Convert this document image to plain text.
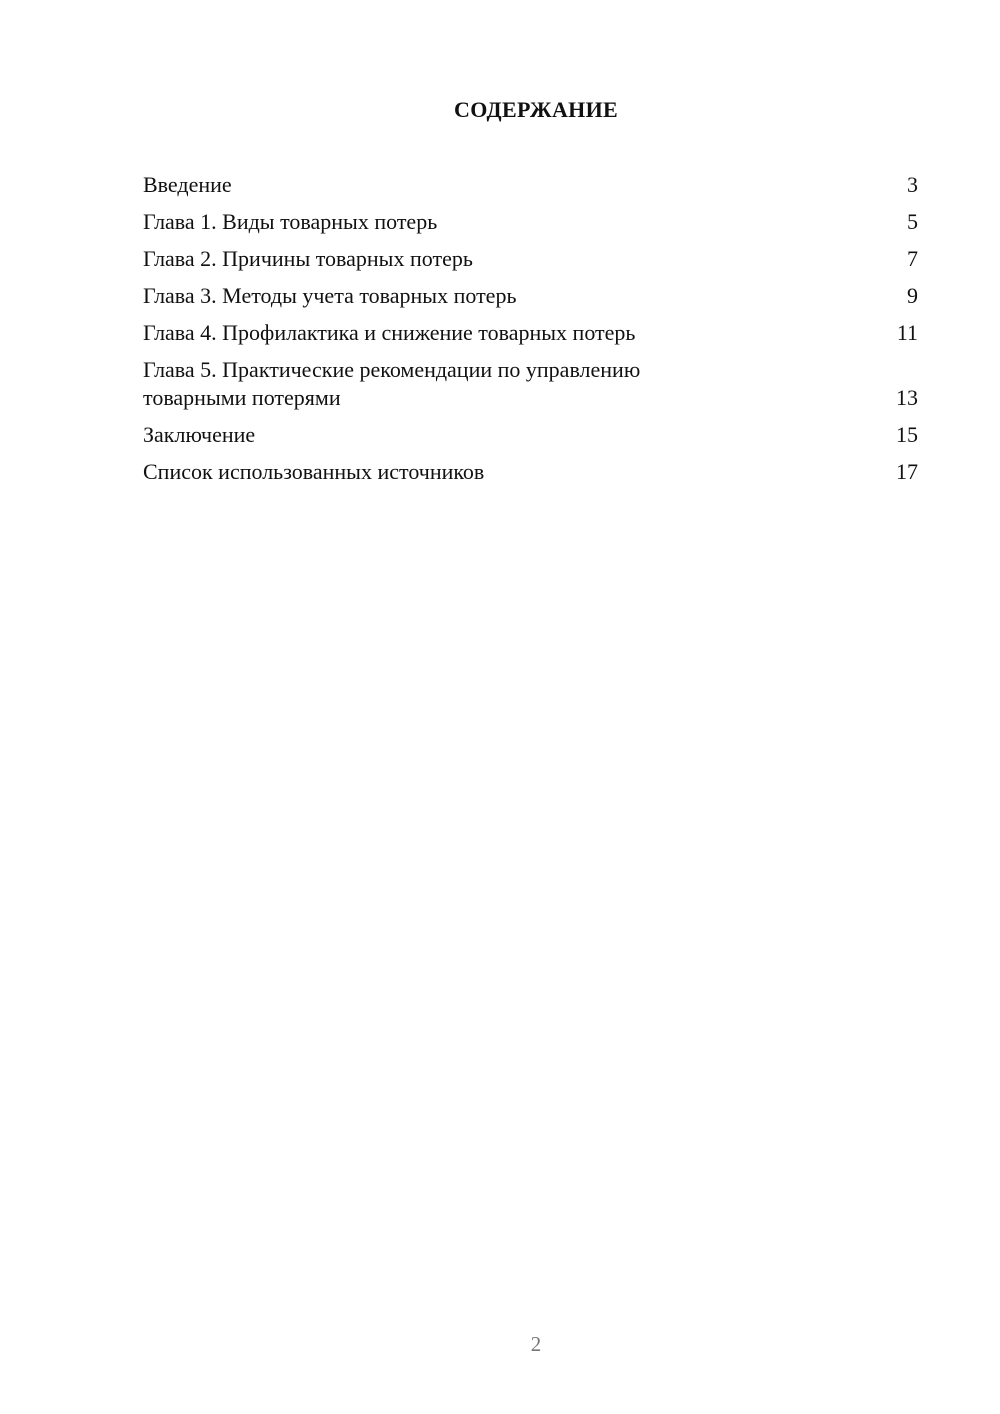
СОДЕРЖАНИЕ
Введение	3
Глава 1. Виды товарных потерь	5
Глава 2. Причины товарных потерь	7
Глава 3. Методы учета товарных потерь	9
Глава 4. Профилактика и снижение товарных потерь	11
Глава 5. Практические рекомендации по управлению товарными потерями	13
Заключение	15
Список использованных источников	17
2
